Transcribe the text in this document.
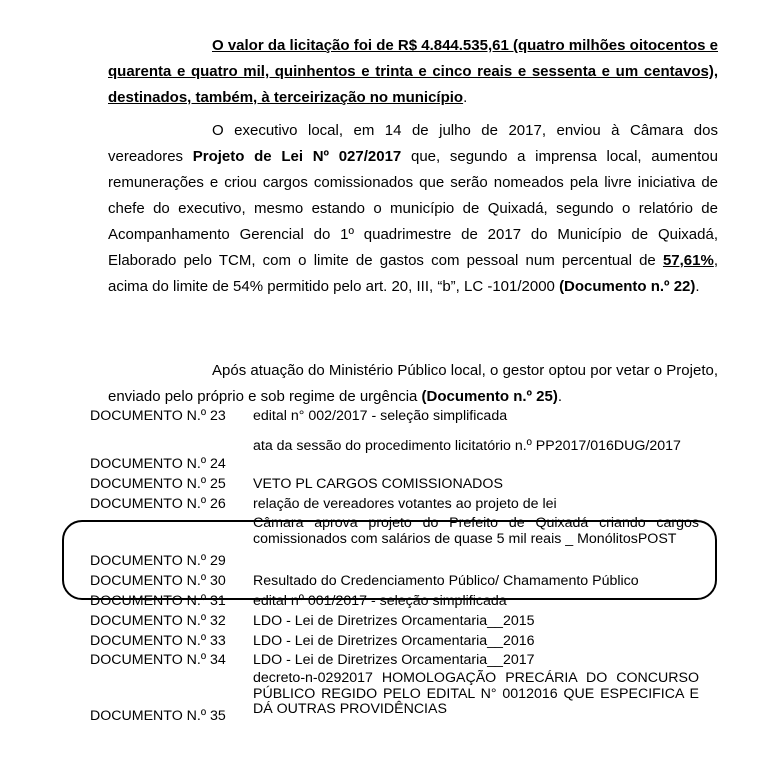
O valor da licitação foi de R$ 4.844.535,61 (quatro milhões oitocentos e quarenta e quatro mil, quinhentos e trinta e cinco reais e sessenta e um centavos), destinados, também, à terceirização no município.

O executivo local, em 14 de julho de 2017, enviou à Câmara dos vereadores Projeto de Lei Nº 027/2017 que, segundo a imprensa local, aumentou remunerações e criou cargos comissionados que serão nomeados pela livre iniciativa de chefe do executivo, mesmo estando o município de Quixadá, segundo o relatório de Acompanhamento Gerencial do 1º quadrimestre de 2017 do Município de Quixadá, Elaborado pelo TCM, com o limite de gastos com pessoal num percentual de 57,61%, acima do limite de 54% permitido pelo art. 20, III, “b”, LC -101/2000 (Documento n.º 22).

Após atuação do Ministério Público local, o gestor optou por vetar o Projeto, enviado pelo próprio e sob regime de urgência (Documento n.º 25).

DOCUMENTO N.º 23 edital n° 002/2017 - seleção simplificada
DOCUMENTO N.º 24
ata da sessão do procedimento licitatório n.º PP2017/016DUG/2017
DOCUMENTO N.º 25 VETO PL CARGOS COMISSIONADOS
DOCUMENTO N.º 26 relação de vereadores votantes ao projeto de lei
DOCUMENTO N.º 29
Câmara aprova projeto do Prefeito de Quixadá criando cargos comissionados com salários de quase 5 mil reais _ MonólitosPOST
DOCUMENTO N.º 30 Resultado do Credenciamento Público/ Chamamento Público
DOCUMENTO N.º 31 edital nº 001/2017 - seleção simplificada
DOCUMENTO N.º 32 LDO - Lei de Diretrizes Orcamentaria__2015
DOCUMENTO N.º 33 LDO - Lei de Diretrizes Orcamentaria__2016
DOCUMENTO N.º 34 LDO - Lei de Diretrizes Orcamentaria__2017
DOCUMENTO N.º 35
decreto-n-0292017 HOMOLOGAÇÃO PRECÁRIA DO CONCURSO PÚBLICO REGIDO PELO EDITAL N° 0012016 QUE ESPECIFICA E DÁ OUTRAS PROVIDÊNCIAS
